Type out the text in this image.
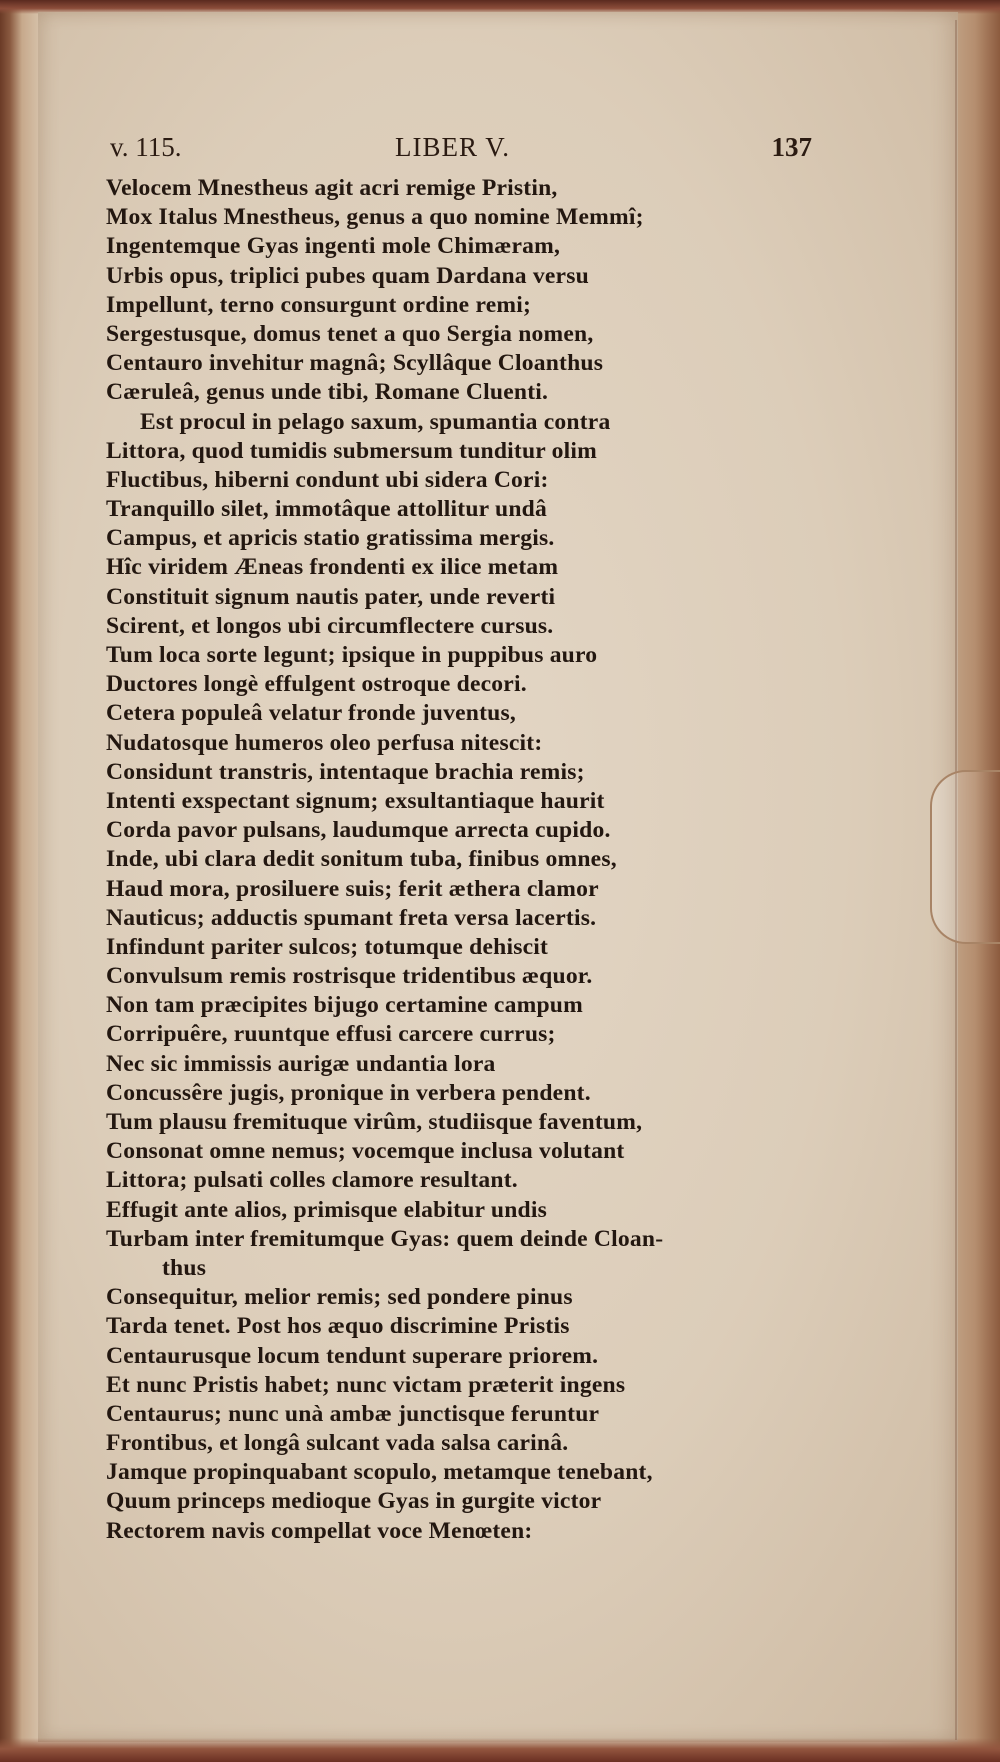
v. 115.	LIBER V.	137
Velocem Mnestheus agit acri remige Pristin,
Mox Italus Mnestheus, genus a quo nomine Memmî;
Ingentemque Gyas ingenti mole Chimæram,
Urbis opus, triplici pubes quam Dardana versu
Impellunt, terno consurgunt ordine remi;
Sergestusque, domus tenet a quo Sergia nomen,
Centauro invehitur magnâ; Scyllâque Cloanthus
Cæruleâ, genus unde tibi, Romane Cluenti.
Est procul in pelago saxum, spumantia contra
Littora, quod tumidis submersum tunditur olim
Fluctibus, hiberni condunt ubi sidera Cori:
Tranquillo silet, immotâque attollitur undâ
Campus, et apricis statio gratissima mergis.
Hîc viridem Æneas frondenti ex ilice metam
Constituit signum nautis pater, unde reverti
Scirent, et longos ubi circumflectere cursus.
Tum loca sorte legunt; ipsique in puppibus auro
Ductores longè effulgent ostroque decori.
Cetera populeâ velatur fronde juventus,
Nudatosque humeros oleo perfusa nitescit:
Considunt transtris, intentaque brachia remis;
Intenti exspectant signum; exsultantiaque haurit
Corda pavor pulsans, laudumque arrecta cupido.
Inde, ubi clara dedit sonitum tuba, finibus omnes,
Haud mora, prosiluere suis; ferit æthera clamor
Nauticus; adductis spumant freta versa lacertis.
Infindunt pariter sulcos; totumque dehiscit
Convulsum remis rostrisque tridentibus æquor.
Non tam præcipites bijugo certamine campum
Corripuêre, ruuntque effusi carcere currus;
Nec sic immissis aurigæ undantia lora
Concussêre jugis, pronique in verbera pendent.
Tum plausu fremituque virûm, studiisque faventum,
Consonat omne nemus; vocemque inclusa volutant
Littora; pulsati colles clamore resultant.
Effugit ante alios, primisque elabitur undis
Turbam inter fremitumque Gyas: quem deinde Cloan-
thus
Consequitur, melior remis; sed pondere pinus
Tarda tenet. Post hos æquo discrimine Pristis
Centaurusque locum tendunt superare priorem.
Et nunc Pristis habet; nunc victam præterit ingens
Centaurus; nunc unà ambæ junctisque feruntur
Frontibus, et longâ sulcant vada salsa carinâ.
Jamque propinquabant scopulo, metamque tenebant,
Quum princeps medioque Gyas in gurgite victor
Rectorem navis compellat voce Menœten:
